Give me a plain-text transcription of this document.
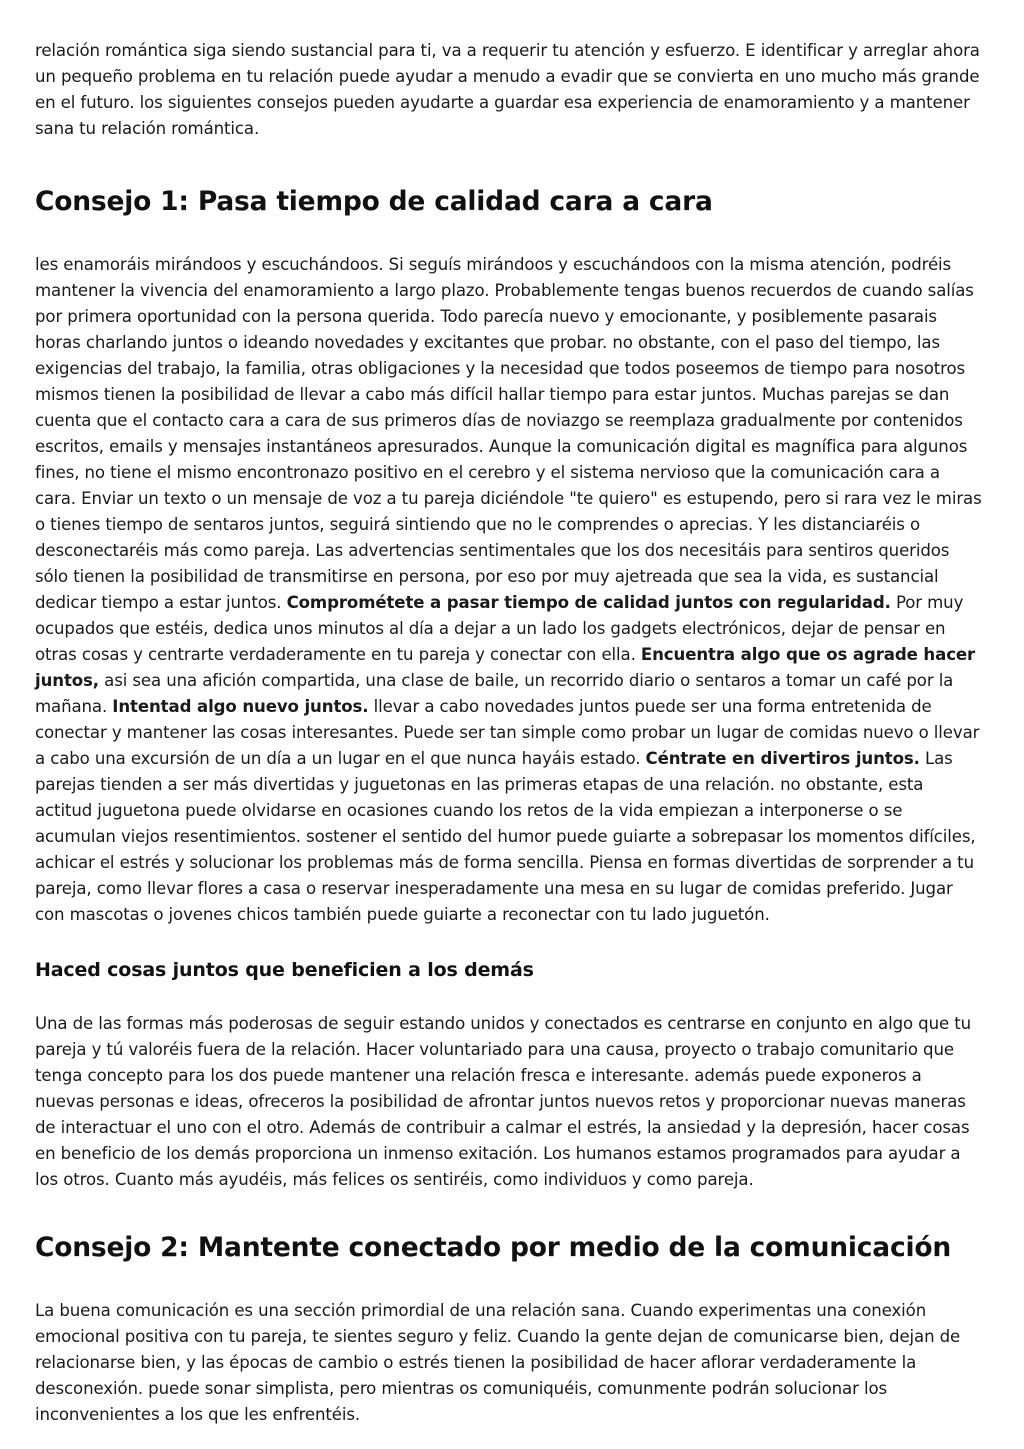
relación romántica siga siendo sustancial para ti, va a requerir tu atención y esfuerzo. E identificar y arreglar ahora un pequeño problema en tu relación puede ayudar a menudo a evadir que se convierta en uno mucho más grande en el futuro. los siguientes consejos pueden ayudarte a guardar esa experiencia de enamoramiento y a mantener sana tu relación romántica.

Consejo 1: Pasa tiempo de calidad cara a cara

les enamoráis mirándoos y escuchándoos. Si seguís mirándoos y escuchándoos con la misma atención, podréis mantener la vivencia del enamoramiento a largo plazo. Probablemente tengas buenos recuerdos de cuando salías por primera oportunidad con la persona querida. Todo parecía nuevo y emocionante, y posiblemente pasarais horas charlando juntos o ideando novedades y excitantes que probar. no obstante, con el paso del tiempo, las exigencias del trabajo, la familia, otras obligaciones y la necesidad que todos poseemos de tiempo para nosotros mismos tienen la posibilidad de llevar a cabo más difícil hallar tiempo para estar juntos. Muchas parejas se dan cuenta que el contacto cara a cara de sus primeros días de noviazgo se reemplaza gradualmente por contenidos escritos, emails y mensajes instantáneos apresurados. Aunque la comunicación digital es magnífica para algunos fines, no tiene el mismo encontronazo positivo en el cerebro y el sistema nervioso que la comunicación cara a cara. Enviar un texto o un mensaje de voz a tu pareja diciéndole "te quiero" es estupendo, pero si rara vez le miras o tienes tiempo de sentaros juntos, seguirá sintiendo que no le comprendes o aprecias. Y les distanciaréis o desconectaréis más como pareja. Las advertencias sentimentales que los dos necesitáis para sentiros queridos sólo tienen la posibilidad de transmitirse en persona, por eso por muy ajetreada que sea la vida, es sustancial dedicar tiempo a estar juntos. Comprométete a pasar tiempo de calidad juntos con regularidad. Por muy ocupados que estéis, dedica unos minutos al día a dejar a un lado los gadgets electrónicos, dejar de pensar en otras cosas y centrarte verdaderamente en tu pareja y conectar con ella. Encuentra algo que os agrade hacer juntos, asi sea una afición compartida, una clase de baile, un recorrido diario o sentaros a tomar un café por la mañana. Intentad algo nuevo juntos. llevar a cabo novedades juntos puede ser una forma entretenida de conectar y mantener las cosas interesantes. Puede ser tan simple como probar un lugar de comidas nuevo o llevar a cabo una excursión de un día a un lugar en el que nunca hayáis estado. Céntrate en divertiros juntos. Las parejas tienden a ser más divertidas y juguetonas en las primeras etapas de una relación. no obstante, esta actitud juguetona puede olvidarse en ocasiones cuando los retos de la vida empiezan a interponerse o se acumulan viejos resentimientos. sostener el sentido del humor puede guiarte a sobrepasar los momentos difíciles, achicar el estrés y solucionar los problemas más de forma sencilla. Piensa en formas divertidas de sorprender a tu pareja, como llevar flores a casa o reservar inesperadamente una mesa en su lugar de comidas preferido. Jugar con mascotas o jovenes chicos también puede guiarte a reconectar con tu lado juguetón.

Haced cosas juntos que beneficien a los demás

Una de las formas más poderosas de seguir estando unidos y conectados es centrarse en conjunto en algo que tu pareja y tú valoréis fuera de la relación. Hacer voluntariado para una causa, proyecto o trabajo comunitario que tenga concepto para los dos puede mantener una relación fresca e interesante. además puede exponeros a nuevas personas e ideas, ofreceros la posibilidad de afrontar juntos nuevos retos y proporcionar nuevas maneras de interactuar el uno con el otro. Además de contribuir a calmar el estrés, la ansiedad y la depresión, hacer cosas en beneficio de los demás proporciona un inmenso exitación. Los humanos estamos programados para ayudar a los otros. Cuanto más ayudéis, más felices os sentiréis, como individuos y como pareja.

Consejo 2: Mantente conectado por medio de la comunicación

La buena comunicación es una sección primordial de una relación sana. Cuando experimentas una conexión emocional positiva con tu pareja, te sientes seguro y feliz. Cuando la gente dejan de comunicarse bien, dejan de relacionarse bien, y las épocas de cambio o estrés tienen la posibilidad de hacer aflorar verdaderamente la desconexión. puede sonar simplista, pero mientras os comuniquéis, comunmente podrán solucionar los inconvenientes a los que les enfrentéis.
